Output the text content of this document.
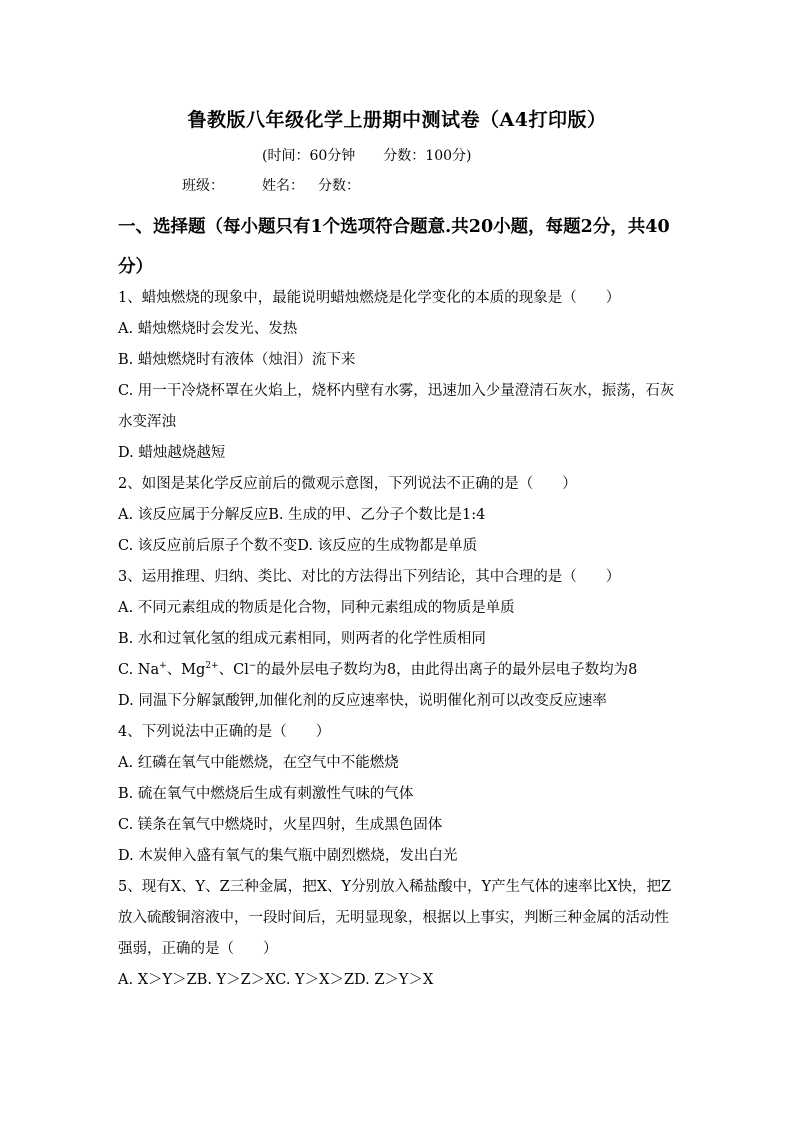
鲁教版八年级化学上册期中测试卷（A4打印版）
(时间：60分钟 分数：100分)
班级：	姓名： 分数：
一、选择题（每小题只有1个选项符合题意.共20小题，每题2分，共40分）
1、蜡烛燃烧的现象中，最能说明蜡烛燃烧是化学变化的本质的现象是（　　）
A. 蜡烛燃烧时会发光、发热
B. 蜡烛燃烧时有液体（烛泪）流下来
C. 用一干冷烧杯罩在火焰上，烧杯内壁有水雾，迅速加入少量澄清石灰水，振荡，石灰水变浑浊
D. 蜡烛越烧越短
2、如图是某化学反应前后的微观示意图，下列说法不正确的是（　　）
A. 该反应属于分解反应B. 生成的甲、乙分子个数比是1:4
C. 该反应前后原子个数不变D. 该反应的生成物都是单质
3、运用推理、归纳、类比、对比的方法得出下列结论，其中合理的是（　　）
A. 不同元素组成的物质是化合物，同种元素组成的物质是单质
B. 水和过氧化氢的组成元素相同，则两者的化学性质相同
C. Na+、$Mg^{2+}$、Cl−的最外层电子数均为8，由此得出离子的最外层电子数均为8
D. 同温下分解氯酸钾,加催化剂的反应速率快，说明催化剂可以改变反应速率
4、下列说法中正确的是（　　）
A. 红磷在氧气中能燃烧，在空气中不能燃烧
B. 硫在氧气中燃烧后生成有刺激性气味的气体
C. 镁条在氧气中燃烧时，火星四射，生成黑色固体
D. 木炭伸入盛有氧气的集气瓶中剧烈燃烧，发出白光
5、现有X、Y、Z三种金属，把X、Y分别放入稀盐酸中，Y产生气体的速率比X快，把Z放入硫酸铜溶液中，一段时间后，无明显现象，根据以上事实，判断三种金属的活动性强弱，正确的是（　　）
A. X＞Y＞ZB. Y＞Z＞XC. Y＞X＞ZD. Z＞Y＞X
